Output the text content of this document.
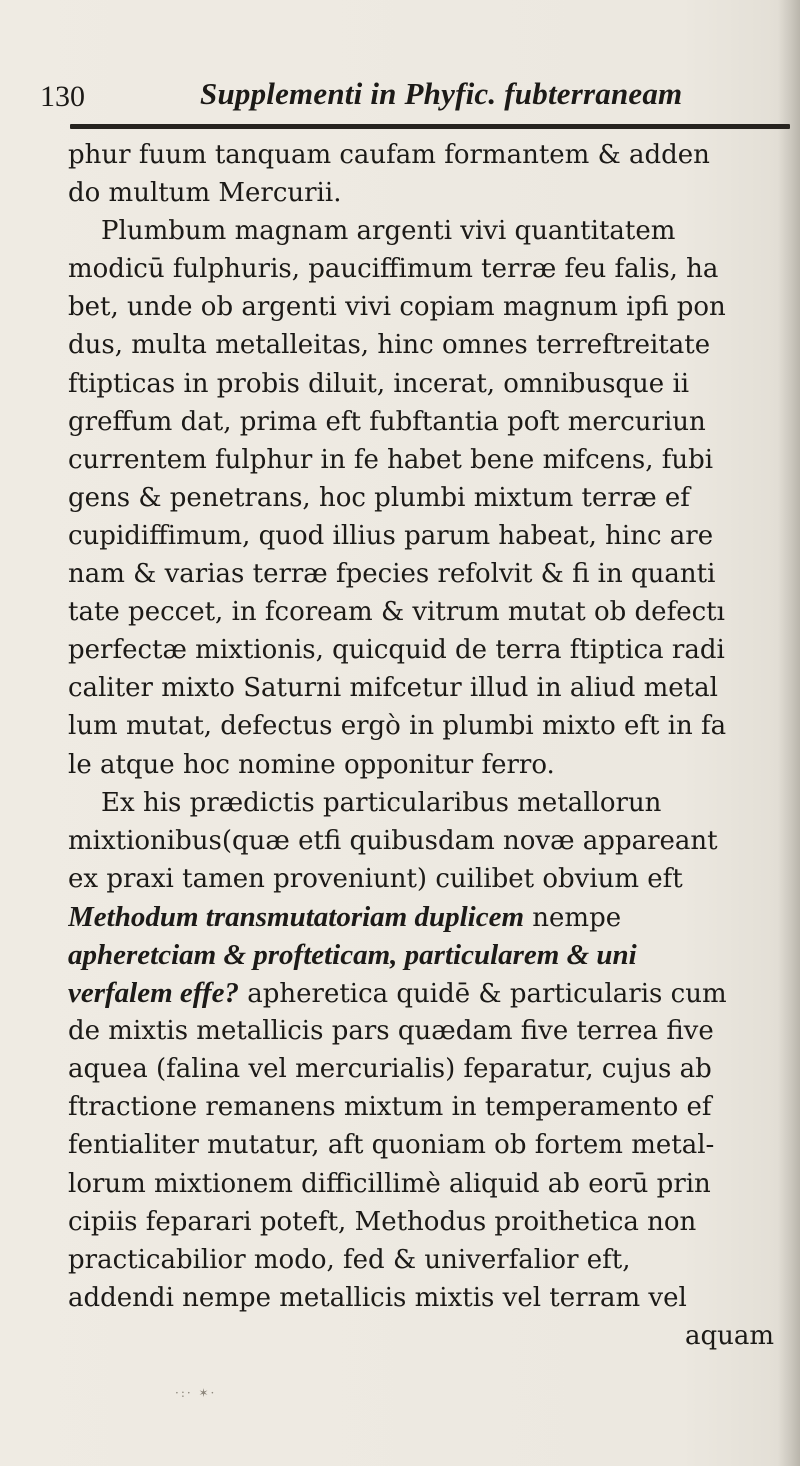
130	Supplementi in Phyfic. fubterraneam
phur fuum tanquam caufam formantem & adden
do multum Mercurii.
Plumbum magnam argenti vivi quantitatem
modicū fulphuris, pauciffimum terræ feu falis, ha
bet, unde ob argenti vivi copiam magnum ipfi pon
dus, multa metalleitas, hinc omnes terreftreitate
ftipticas in probis diluit, incerat, omnibusque ii
greffum dat, prima eft fubftantia poft mercuriun
currentem fulphur in fe habet bene mifcens, fubi
gens & penetrans, hoc plumbi mixtum terræ ef
cupidiffimum, quod illius parum habeat, hinc are
nam & varias terræ fpecies refolvit & fi in quanti
tate peccet, in fcoream & vitrum mutat ob defectı
perfectæ mixtionis, quicquid de terra ftiptica radi
caliter mixto Saturni mifcetur illud in aliud metal
lum mutat, defectus ergò in plumbi mixto eft in fa
le atque hoc nomine opponitur ferro.
Ex his prædictis particularibus metallorun
mixtionibus(quæ etfi quibusdam novæ appareant
ex praxi tamen proveniunt) cuilibet obvium eft
Methodum transmutatoriam duplicem nempe
apheretciam & profteticam, particularem & uni
verfalem effe? apheretica quidē & particularis cum
de mixtis metallicis pars quædam five terrea five
aquea (falina vel mercurialis) feparatur, cujus ab
ftractione remanens mixtum in temperamento ef
fentialiter mutatur, aft quoniam ob fortem metal-
lorum mixtionem difficillimè aliquid ab eorū prin
cipiis feparari poteft, Methodus proithetica non
practicabilior modo, fed & univerfalior eft,
addendi nempe metallicis mixtis vel terram vel
aquam
·:· ✶·
